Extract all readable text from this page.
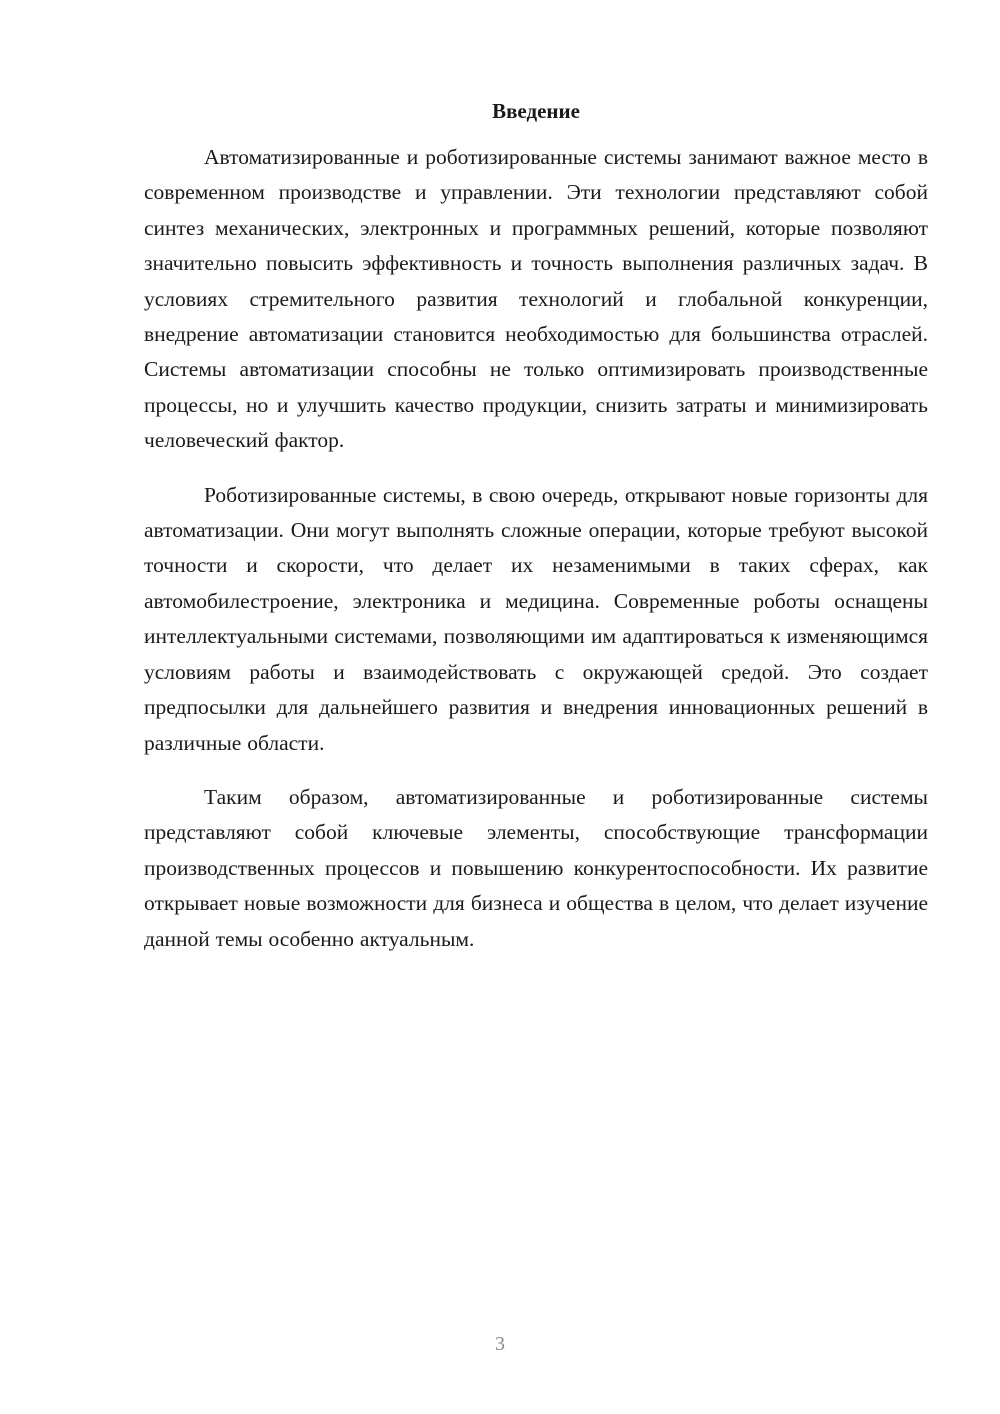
Введение

Автоматизированные и роботизированные системы занимают важное место в современном производстве и управлении. Эти технологии представляют собой синтез механических, электронных и программных решений, которые позволяют значительно повысить эффективность и точность выполнения различных задач. В условиях стремительного развития технологий и глобальной конкуренции, внедрение автоматизации становится необходимостью для большинства отраслей. Системы автоматизации способны не только оптимизировать производственные процессы, но и улучшить качество продукции, снизить затраты и минимизировать человеческий фактор.

Роботизированные системы, в свою очередь, открывают новые горизонты для автоматизации. Они могут выполнять сложные операции, которые требуют высокой точности и скорости, что делает их незаменимыми в таких сферах, как автомобилестроение, электроника и медицина. Современные роботы оснащены интеллектуальными системами, позволяющими им адаптироваться к изменяющимся условиям работы и взаимодействовать с окружающей средой. Это создает предпосылки для дальнейшего развития и внедрения инновационных решений в различные области.

Таким образом, автоматизированные и роботизированные системы представляют собой ключевые элементы, способствующие трансформации производственных процессов и повышению конкурентоспособности. Их развитие открывает новые возможности для бизнеса и общества в целом, что делает изучение данной темы особенно актуальным.

3
